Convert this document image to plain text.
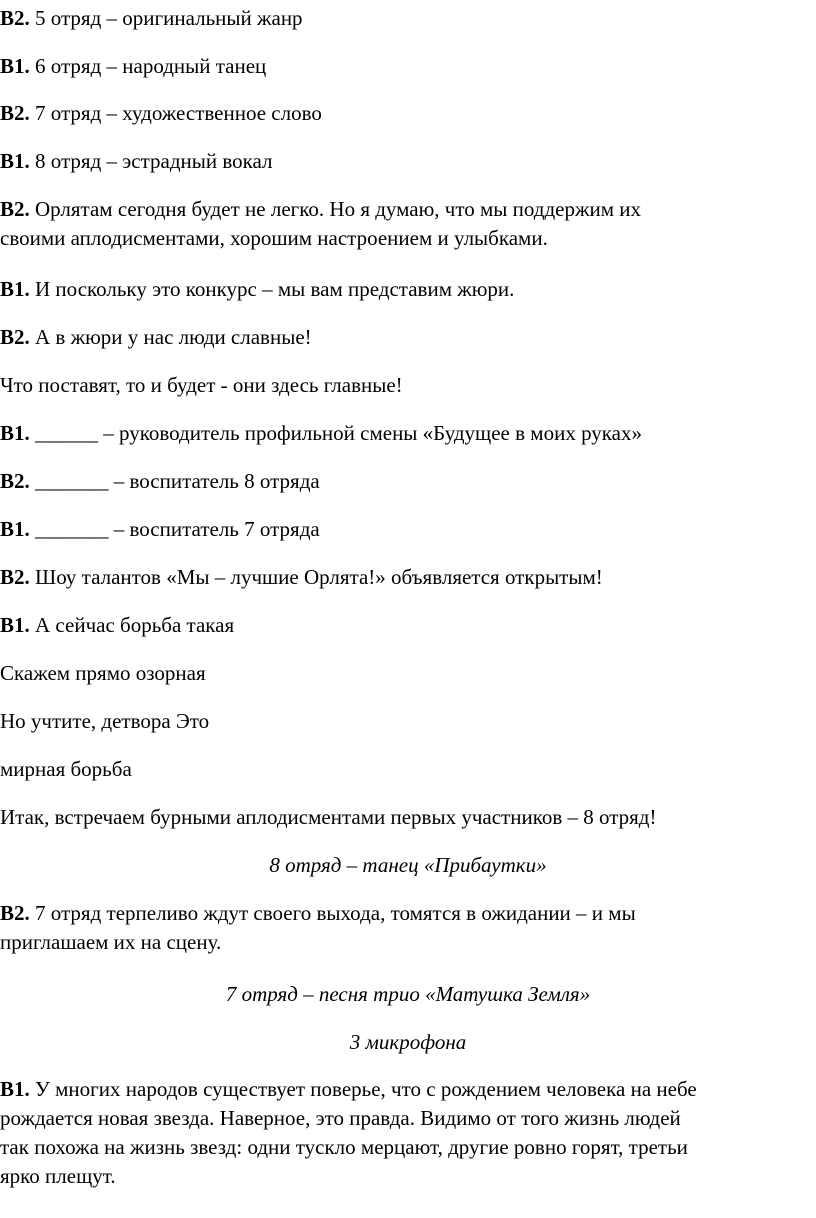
В2. 5 отряд – оригинальный жанр
В1. 6 отряд – народный танец
В2. 7 отряд – художественное слово
В1. 8 отряд – эстрадный вокал
В2. Орлятам сегодня будет не легко. Но я думаю, что мы поддержим их
своими аплодисментами, хорошим настроением и улыбками.
В1. И поскольку это конкурс – мы вам представим жюри.
В2. А в жюри у нас люди славные!
Что поставят, то и будет - они здесь главные!
В1. ______ – руководитель профильной смены «Будущее в моих руках»
В2. _______ – воспитатель 8 отряда
В1. _______ – воспитатель 7 отряда
В2. Шоу талантов «Мы – лучшие Орлята!» объявляется открытым!
В1. А сейчас борьба такая
Скажем прямо озорная
Но учтите, детвора Это
мирная борьба
Итак, встречаем бурными аплодисментами первых участников – 8 отряд!
8 отряд – танец «Прибаутки»
В2. 7 отряд терпеливо ждут своего выхода, томятся в ожидании – и мы
приглашаем их на сцену.
7 отряд – песня трио «Матушка Земля»
3 микрофона
В1. У многих народов существует поверье, что с рождением человека на небе
рождается новая звезда. Наверное, это правда. Видимо от того жизнь людей
так похожа на жизнь звезд: одни тускло мерцают, другие ровно горят, третьи
ярко плещут.
